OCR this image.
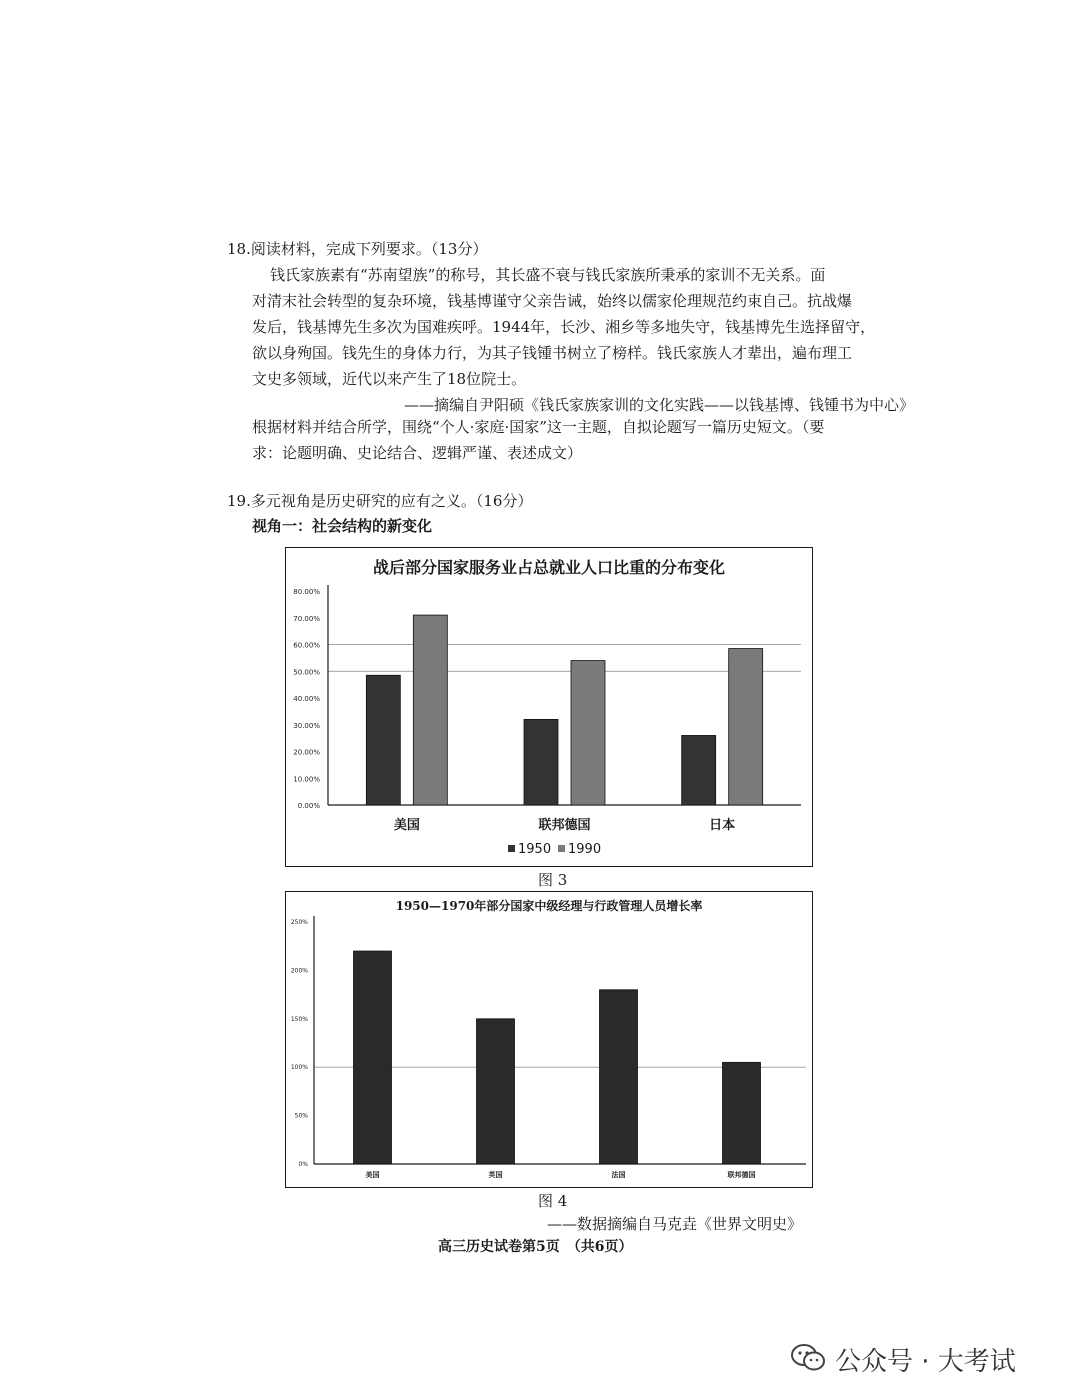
18.阅读材料，完成下列要求。（13分）
钱氏家族素有“苏南望族”的称号，其长盛不衰与钱氏家族所秉承的家训不无关系。面
对清末社会转型的复杂环境，钱基博谨守父亲告诫，始终以儒家伦理规范约束自己。抗战爆
发后，钱基博先生多次为国难疾呼。1944年，长沙、湘乡等多地失守，钱基博先生选择留守，
欲以身殉国。钱先生的身体力行，为其子钱锺书树立了榜样。钱氏家族人才辈出，遍布理工
文史多领域，近代以来产生了18位院士。
——摘编自尹阳硕《钱氏家族家训的文化实践——以钱基博、钱锺书为中心》
根据材料并结合所学，围绕“个人·家庭·国家”这一主题，自拟论题写一篇历史短文。（要
求：论题明确、史论结合、逻辑严谨、表述成文）
19.多元视角是历史研究的应有之义。（16分）
视角一：社会结构的新变化
战后部分国家服务业占总就业人口比重的分布变化
0.00%
10.00%
20.00%
30.00%
40.00%
50.00%
60.00%
70.00%
80.00%
美国	联邦德国	日本
1950 1990
图 3
1950—1970年部分国家中级经理与行政管理人员增长率
0%
50%
100%
150%
200%
250%
美国	英国	法国	联邦德国
图 4
——数据摘编自马克垚《世界文明史》
高三历史试卷第5页　（共6页）
公众号 · 大考试
